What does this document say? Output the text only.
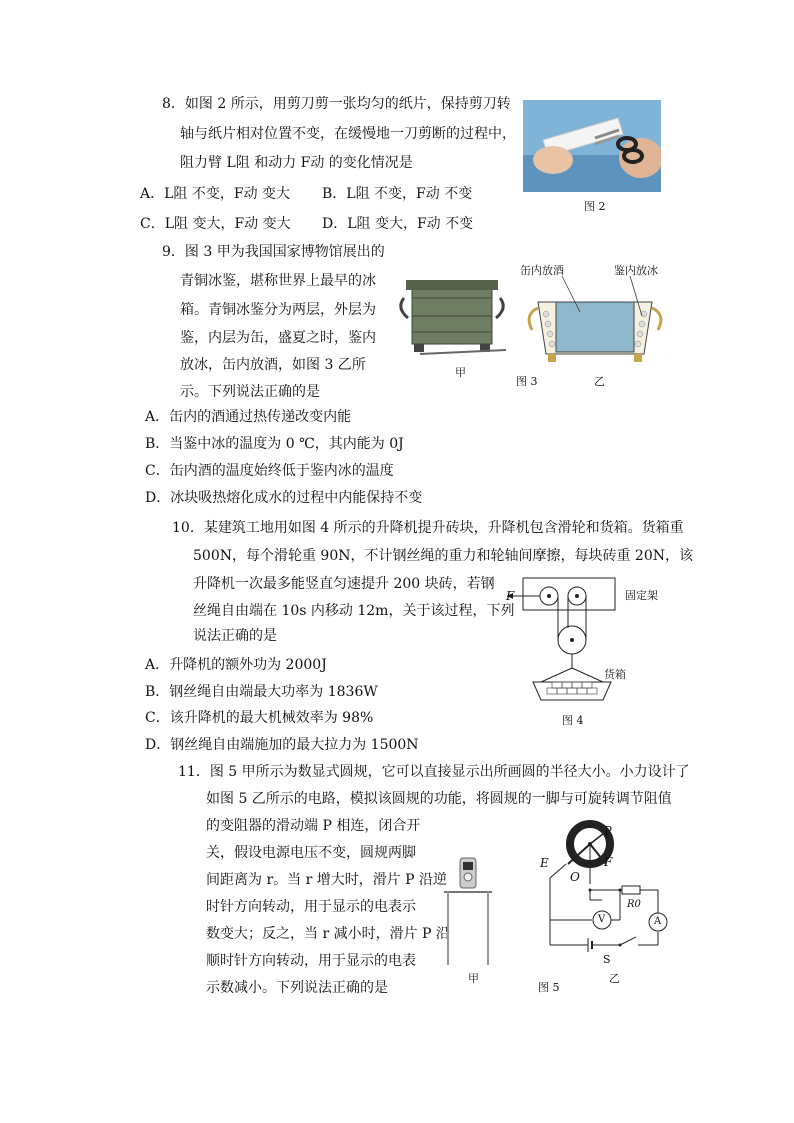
8．如图 2 所示，用剪刀剪一张均匀的纸片，保持剪刀转
轴与纸片相对位置不变，在缓慢地一刀剪断的过程中，
阻力臂 L阻 和动力 F动 的变化情况是
A．L阻 不变，F动 变大 B．L阻 不变，F动 不变
C．L阻 变大，F动 变大 D．L阻 变大，F动 不变
图 2
9．图 3 甲为我国国家博物馆展出的
青铜冰鉴，堪称世界上最早的冰
箱。青铜冰鉴分为两层，外层为
鉴，内层为缶，盛夏之时，鉴内
放冰，缶内放酒，如图 3 乙所
示。下列说法正确的是
A．缶内的酒通过热传递改变内能
B．当鉴中冰的温度为 0 ℃，其内能为 0J
C．缶内酒的温度始终低于鉴内冰的温度
D．冰块吸热熔化成水的过程中内能保持不变
甲
缶内放酒	鉴内放冰
图 3	乙
10．某建筑工地用如图 4 所示的升降机提升砖块，升降机包含滑轮和货箱。货箱重
500N，每个滑轮重 90N，不计钢丝绳的重力和轮轴间摩擦，每块砖重 20N，该
升降机一次最多能竖直匀速提升 200 块砖，若钢
丝绳自由端在 10s 内移动 12m，关于该过程，下列
说法正确的是
A．升降机的额外功为 2000J
B．钢丝绳自由端最大功率为 1836W
C．该升降机的最大机械效率为 98%
D．钢丝绳自由端施加的最大拉力为 1500N
F	固定架
货箱
图 4
11．图 5 甲所示为数显式圆规，它可以直接显示出所画圆的半径大小。小力设计了
如图 5 乙所示的电路，模拟该圆规的功能，将圆规的一脚与可旋转调节阻值
的变阻器的滑动端 P 相连，闭合开
关，假设电源电压不变，圆规两脚
间距离为 r。当 r 增大时，滑片 P 沿逆
时针方向转动，用于显示的电表示
数变大；反之，当 r 减小时，滑片 P 沿
顺时针方向转动，用于显示的电表
示数减小。下列说法正确的是
甲
P
E	F
O
R0
V	A
S
图 5
乙
